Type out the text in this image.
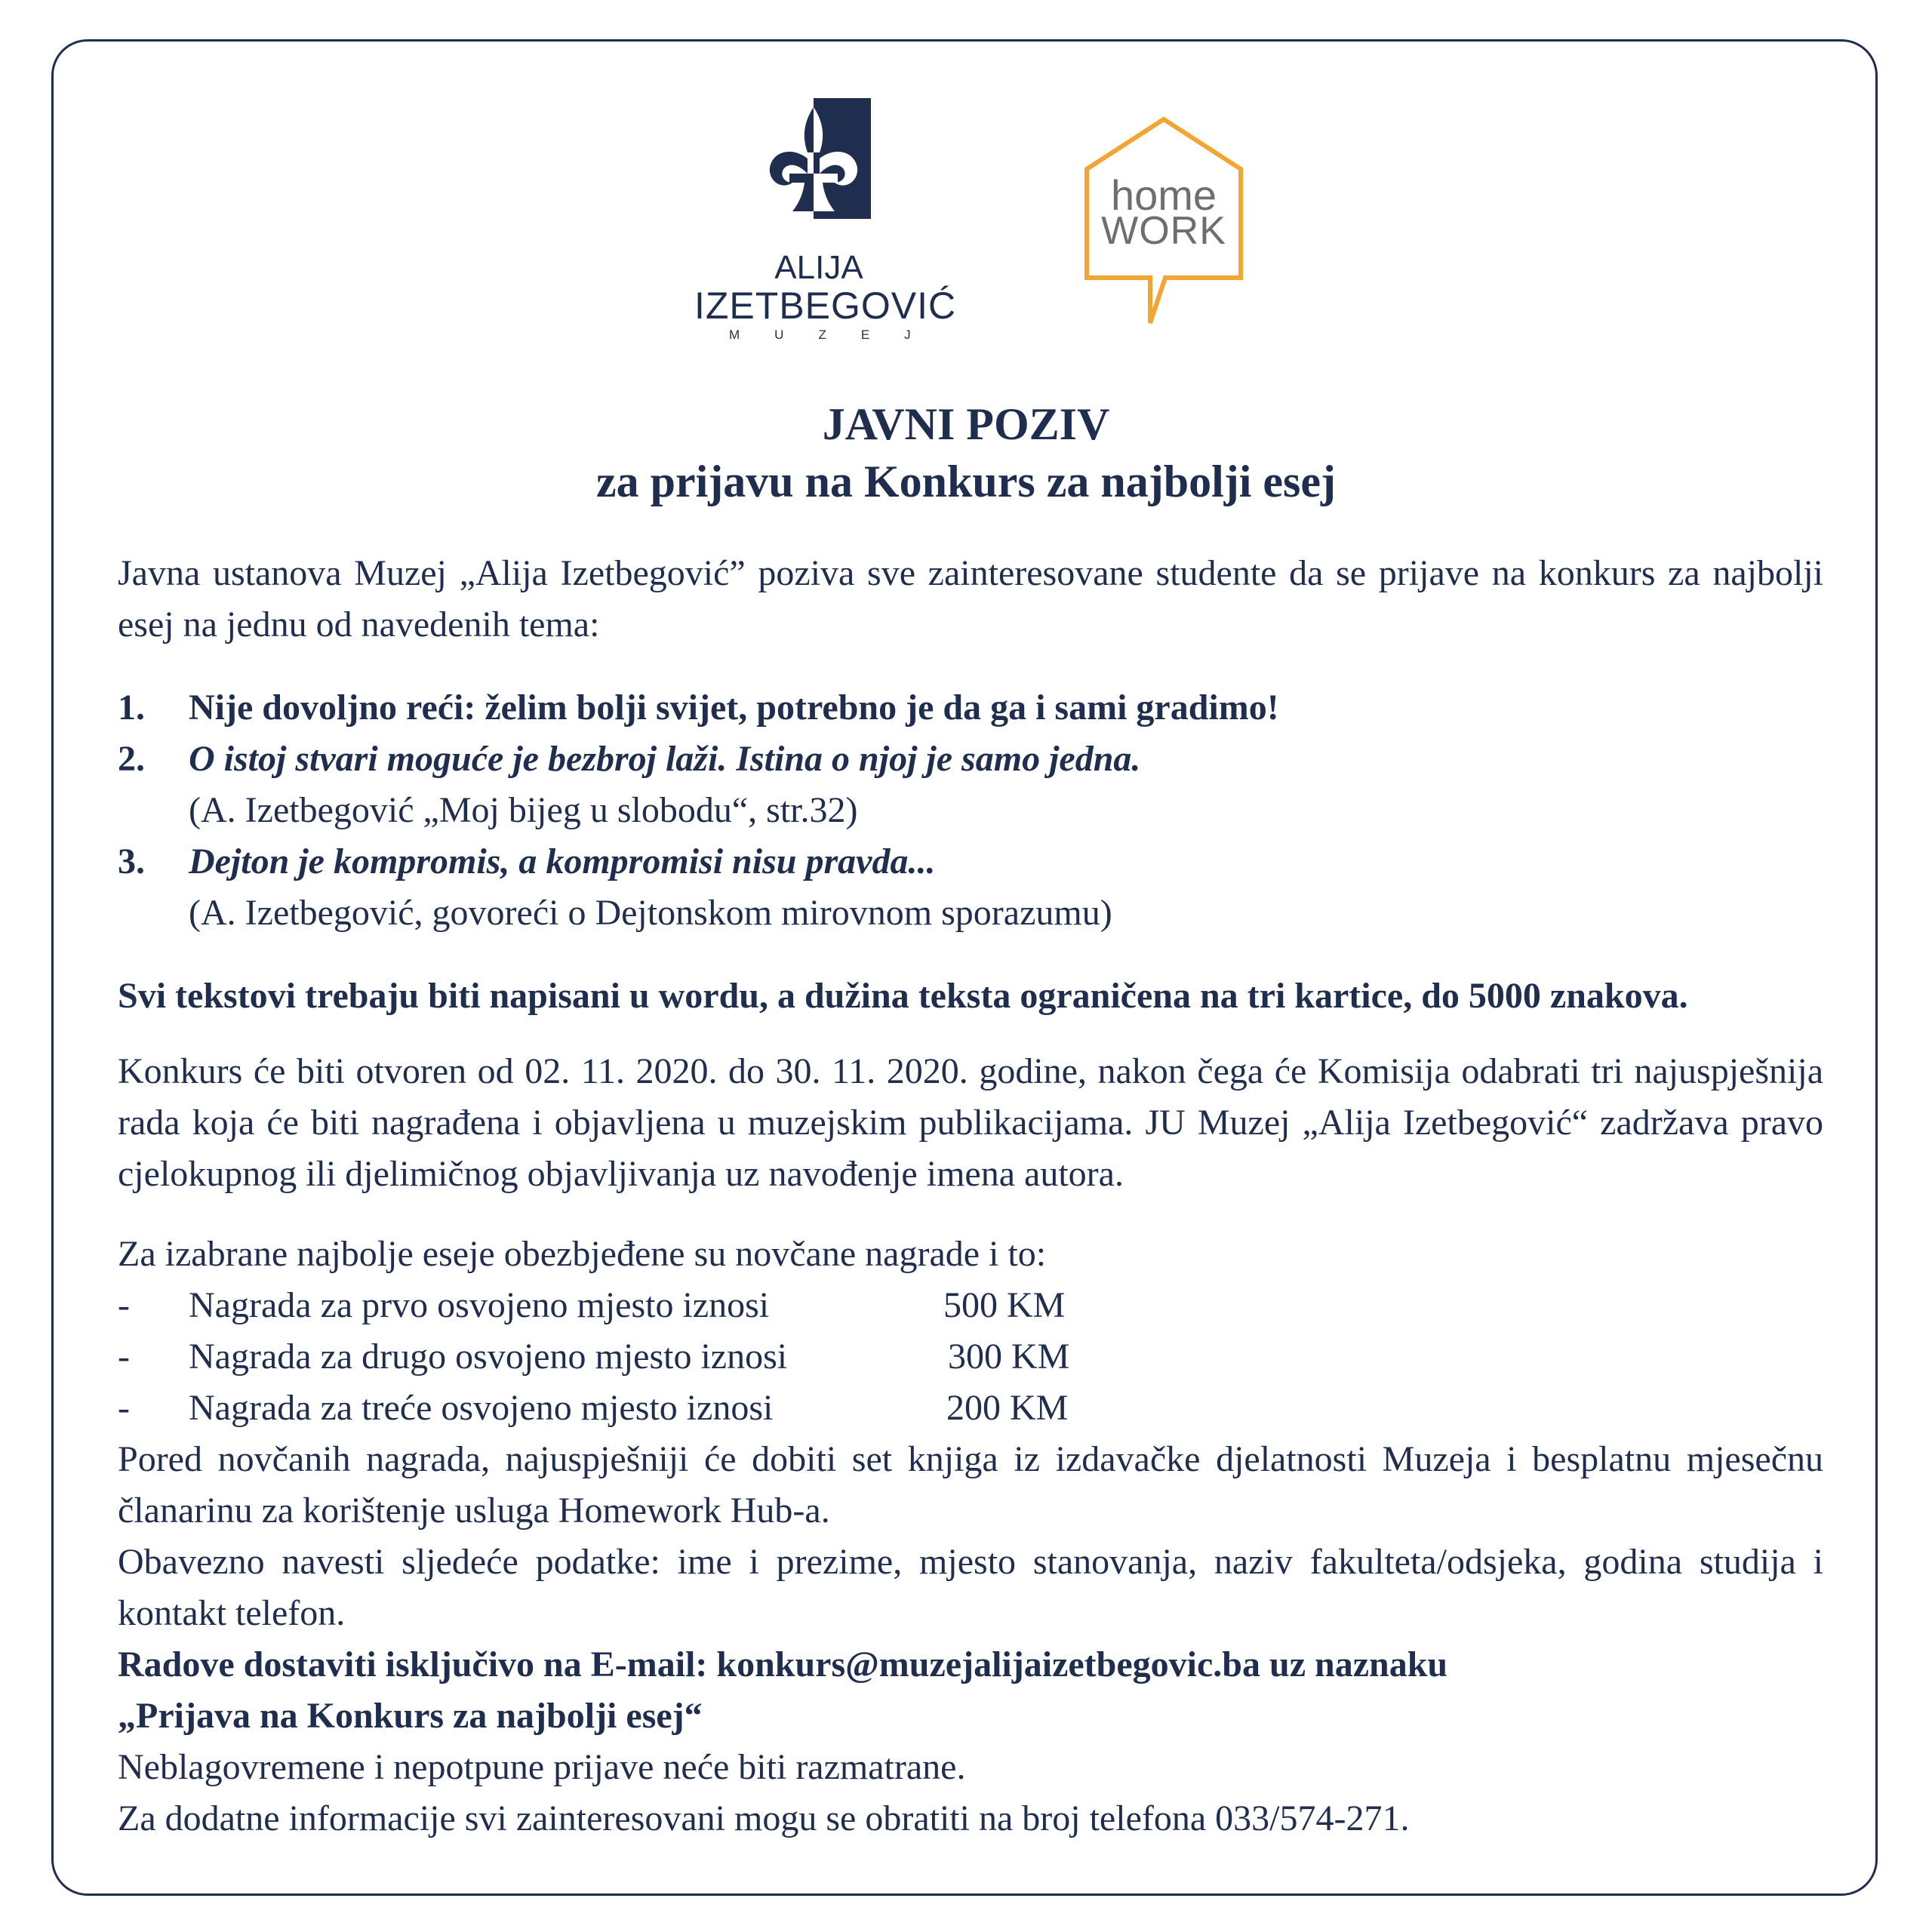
ALIJA
IZETBEGOVIĆ
MUZEJ
home
WORK
JAVNI POZIV
za prijavu na Konkurs za najbolji esej
Javna ustanova Muzej „Alija Izetbegović” poziva sve zainteresovane studente da se prijave na konkurs za najbolji esej na jednu od navedenih tema:
1. Nije dovoljno reći: želim bolji svijet, potrebno je da ga i sami gradimo!
2. O istoj stvari moguće je bezbroj laži. Istina o njoj je samo jedna.
(A. Izetbegović „Moj bijeg u slobodu“, str.32)
3. Dejton je kompromis, a kompromisi nisu pravda...
(A. Izetbegović, govoreći o Dejtonskom mirovnom sporazumu)
Svi tekstovi trebaju biti napisani u wordu, a dužina teksta ograničena na tri kartice, do 5000 znakova.
Konkurs će biti otvoren od 02. 11. 2020. do 30. 11. 2020. godine, nakon čega će Komisija odabrati tri najuspješnija rada koja će biti nagrađena i objavljena u muzejskim publikacijama. JU Muzej „Alija Izetbegović“ zadržava pravo cjelokupnog ili djelimičnog objavljivanja uz navođenje imena autora.
Za izabrane najbolje eseje obezbjeđene su novčane nagrade i to:
- Nagrada za prvo osvojeno mjesto iznosi	500 KM
- Nagrada za drugo osvojeno mjesto iznosi	300 KM
- Nagrada za treće osvojeno mjesto iznosi	200 KM
Pored novčanih nagrada, najuspješniji će dobiti set knjiga iz izdavačke djelatnosti Muzeja i besplatnu mjesečnu članarinu za korištenje usluga Homework Hub-a.
Obavezno navesti sljedeće podatke: ime i prezime, mjesto stanovanja, naziv fakulteta/odsjeka, godina studija i kontakt telefon.
Radove dostaviti isključivo na E-mail: konkurs@muzejalijaizetbegovic.ba uz naznaku
„Prijava na Konkurs za najbolji esej“
Neblagovremene i nepotpune prijave neće biti razmatrane.
Za dodatne informacije svi zainteresovani mogu se obratiti na broj telefona 033/574-271.
